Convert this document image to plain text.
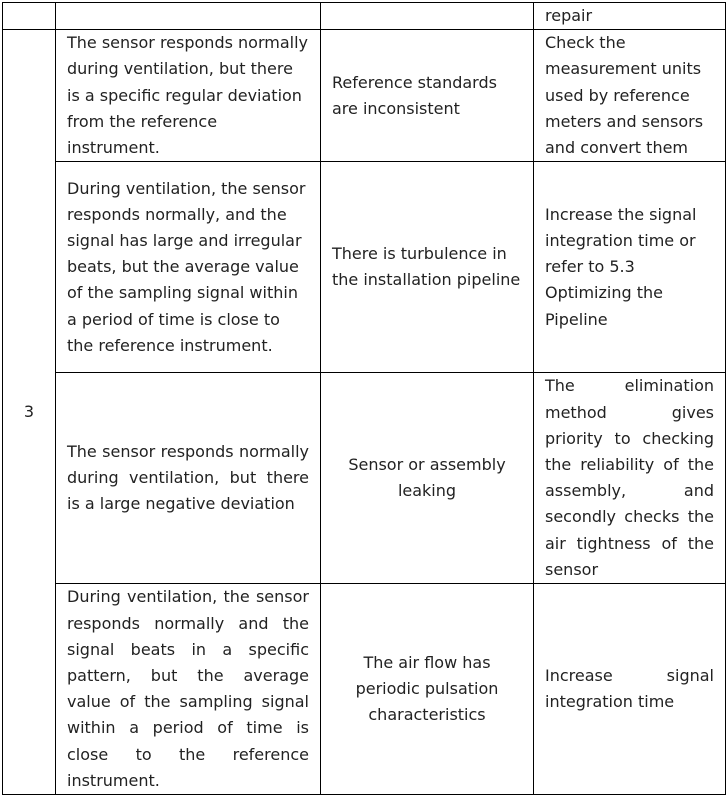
			repair
3	The sensor responds normally during ventilation, but there is a specific regular deviation from the reference instrument.	Reference standards are inconsistent	Check the measurement units used by reference meters and sensors and convert them
	During ventilation, the sensor responds normally, and the signal has large and irregular beats, but the average value of the sampling signal within a period of time is close to the reference instrument.	There is turbulence in the installation pipeline	Increase the signal integration time or refer to 5.3 Optimizing the Pipeline
	The sensor responds normally during ventilation, but there is a large negative deviation	Sensor or assembly leaking	The elimination method gives priority to checking the reliability of the assembly, and secondly checks the air tightness of the sensor
	During ventilation, the sensor responds normally and the signal beats in a specific pattern, but the average value of the sampling signal within a period of time is close to the reference instrument.	The air flow has periodic pulsation characteristics	Increase signal integration time
